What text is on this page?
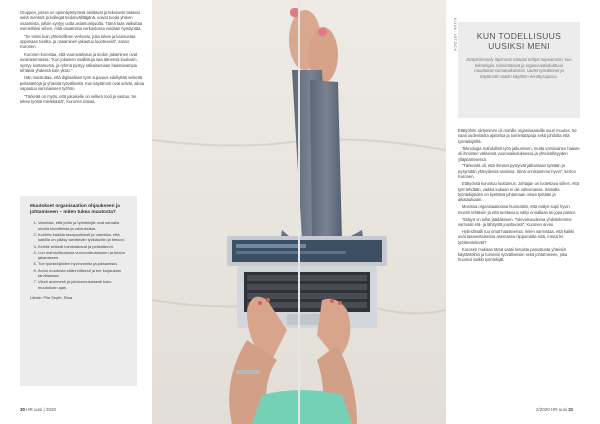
Gruppen, joissa on opinnäytetyönsä aloittavat ja teknisesti taitavat sekä mentorit ja kollegat tiedonvälittäjänä, voivat tuoda yhteen osaamista, jolloin syntyy uutta asiantuntijuutta. Tämä taas vaikuttaa esimerkiksi siihen, mitä osaamista verkostossa voidaan hyödyntää.

”Se toimii kuin yhteisöllinen verkosto, joka tukee ja kannustaa oppimaan toisilta, ja osaaminen jakautuu luontevasti”, sanoo Kuronen.

Kuronen korostaa, että vuorovaikutus ja tiedon jakaminen ovat avainasemassa: ”Kun jokainen osallistuja saa äänensä kuuluviin, syntyy luottamusta, ja ryhmä pystyy ratkaisemaan haastavampia tehtäviä yhdessä kuin yksin.”

Hän muistuttaa, että digitaalisen työn sujuvuus edellyttää selkeitä pelisääntöjä ja yhteisiä työvälineitä. Kun käytännöt ovat selvät, aikaa vapautuu varsinaiseen työhön.

”Tärkeää on myös, että jokaiselle on selkeä rooli ja vastuu. Se tekee työstä mielekästä”, Kuronen toteaa.

Muutokset organisaation ohjaukseen ja johtamiseen – miten tukea muutosta?
1. Varmista, että johto ja työntekijät ovat samalla sivulla tavoitteista ja odotuksista.
2. Kohtele kaikkia tasapuolisesti ja varmista, että kaikilla on pääsy tarvittaviin työkaluihin ja tietoon.
3. Kehitä selkeät toimintatavat ja pelisäännöt.
4. Luo mahdollisuuksia vuorovaikutukseen ja tiedon jakamiseen.
5. Tue työntekijöiden hyvinvointia ja jaksamista.
6. Arvioi muutosta säännöllisesti ja tee korjauksia tarvittaessa.
7. Viesti avoimesti ja johdonmukaisesti koko muutoksen ajan.
Lähde: Piia Seyfri, Elisa
KUVA: ISTOCK	KUN TODELLISUUS UUSIKSI MENI
Etätyöskentely läpimurto toteutui tehtyä nopeammin, kun teknologia, toimintatavat ja organisaatiokulttuuri muuttuivat samanaikaisesti. Uudet työvälineet ja käytännöt saatiin käyttöön ennätysajassa.

Etätyöhön siirtyminen oli monille organisaatioille suuri muutos. Se vaati uudenlaista ajattelua ja toimintatapoja sekä johdolta että työntekijöiltä.

Teknologia mahdollisti työn jatkumisen, mutta varsinainen haaste oli ihmisten välisessä vuorovaikutuksessa ja yhteisöllisyyden ylläpitämisessä.

”Tärkeintä oli, että ihmiset pystyivät jatkamaan työtään ja pysymään yhteydessä toisiinsa. Siinä onnistuimme hyvin”, kertoo Kuronen.

Etätyössä korostuu luottamus. Johtajan on luotettava siihen, että työt tehdään, vaikka kukaan ei ole valvomassa. Samalla työntekijöiden on kyettävä johtamaan omaa työtään ja aikatauluaan.

Monissa organisaatioissa huomattiin, että etätyö sopii hyvin moniin tehtäviin ja että tuottavuus säilyi ennallaan tai jopa parani.

”Etätyö on tullut jäädäkseen. Tulevaisuudessa yhdistelemme varmasti etä- ja lähityötä joustavasti”, Kuronen arvioi.

Hybridimalli tuo omat haasteensa: miten varmistaa, että kaikki ovat tasavertaisessa asemassa riippumatta siitä, missä he työskentelevät?

Kurosen mukaan tämä vaatii tietoista panostusta yhteisiin käytäntöihin ja toimiviin työvälineisiin sekä johtamiseen, joka huomioi kaikki työntekijät.

30 HR uusi | 2020	2/2020 HR uusi 31
